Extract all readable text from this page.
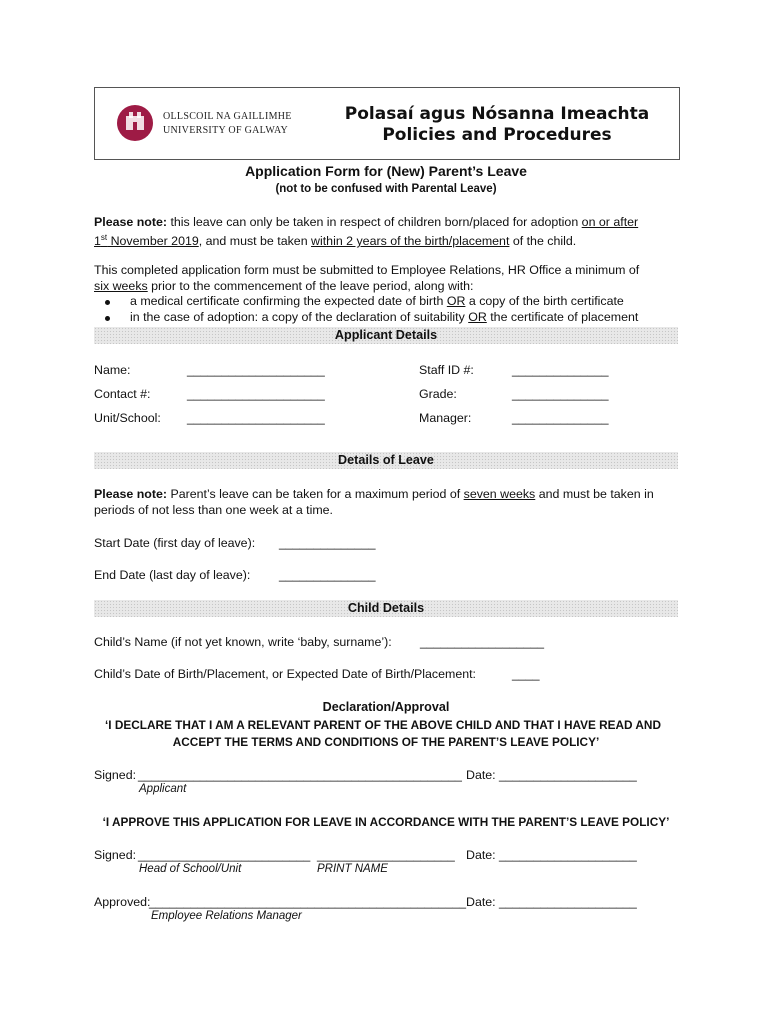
OLLSCOIL NA GAILLIMHE
UNIVERSITY OF GALWAY
Polasaí agus Nósanna Imeachta
Policies and Procedures
Application Form for (New) Parent’s Leave
(not to be confused with Parental Leave)
Please note: this leave can only be taken in respect of children born/placed for adoption on or after
1st November 2019, and must be taken within 2 years of the birth/placement of the child.
This completed application form must be submitted to Employee Relations, HR Office a minimum of
six weeks prior to the commencement of the leave period, along with:
a medical certificate confirming the expected date of birth OR a copy of the birth certificate
in the case of adoption: a copy of the declaration of suitability OR the certificate of placement
Applicant Details
Name:	____________________	Staff ID #:	______________
Contact #:	____________________	Grade:	______________
Unit/School: ____________________	Manager:	______________
Details of Leave
Please note: Parent’s leave can be taken for a maximum period of seven weeks and must be taken in
periods of not less than one week at a time.
Start Date (first day of leave): ______________
End Date (last day of leave): ______________
Child Details
Child’s Name (if not yet known, write ‘baby, surname’): __________________
Child’s Date of Birth/Placement, or Expected Date of Birth/Placement:	____
Declaration/Approval
‘I DECLARE THAT I AM A RELEVANT PARENT OF THE ABOVE CHILD AND THAT I HAVE READ AND
ACCEPT THE TERMS AND CONDITIONS OF THE PARENT’S LEAVE POLICY’
Signed: _______________________________________________ Date: ____________________
Applicant
‘I APPROVE THIS APPLICATION FOR LEAVE IN ACCORDANCE WITH THE PARENT’S LEAVE POLICY’
Signed: _________________________ ____________________ Date: ____________________
Head of School/Unit	PRINT NAME
Approved:
______________________________________________ Date: ____________________
Employee Relations Manager
